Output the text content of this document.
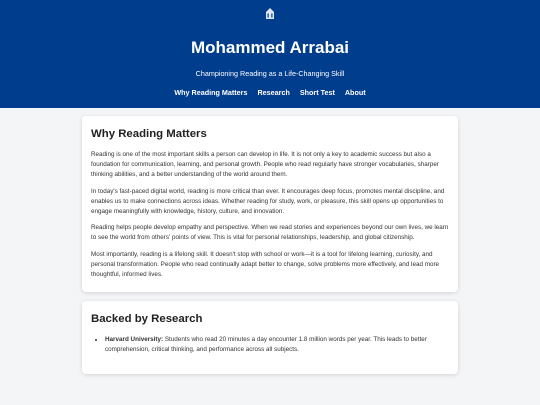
Mohammed Arrabai
Championing Reading as a Life-Changing Skill
Why Reading Matters Research Short Test About
Why Reading Matters

Reading is one of the most important skills a person can develop in life. It is not only a key to academic success but also a foundation for communication, learning, and personal growth. People who read regularly have stronger vocabularies, sharper thinking abilities, and a better understanding of the world around them.

In today's fast-paced digital world, reading is more critical than ever. It encourages deep focus, promotes mental discipline, and enables us to make connections across ideas. Whether reading for study, work, or pleasure, this skill opens up opportunities to engage meaningfully with knowledge, history, culture, and innovation.

Reading helps people develop empathy and perspective. When we read stories and experiences beyond our own lives, we learn to see the world from others' points of view. This is vital for personal relationships, leadership, and global citizenship.

Most importantly, reading is a lifelong skill. It doesn't stop with school or work—it is a tool for lifelong learning, curiosity, and personal transformation. People who read continually adapt better to change, solve problems more effectively, and lead more thoughtful, informed lives.

Backed by Research
• Harvard University: Students who read 20 minutes a day encounter 1.8 million words per year. This leads to better comprehension, critical thinking, and performance across all subjects.
